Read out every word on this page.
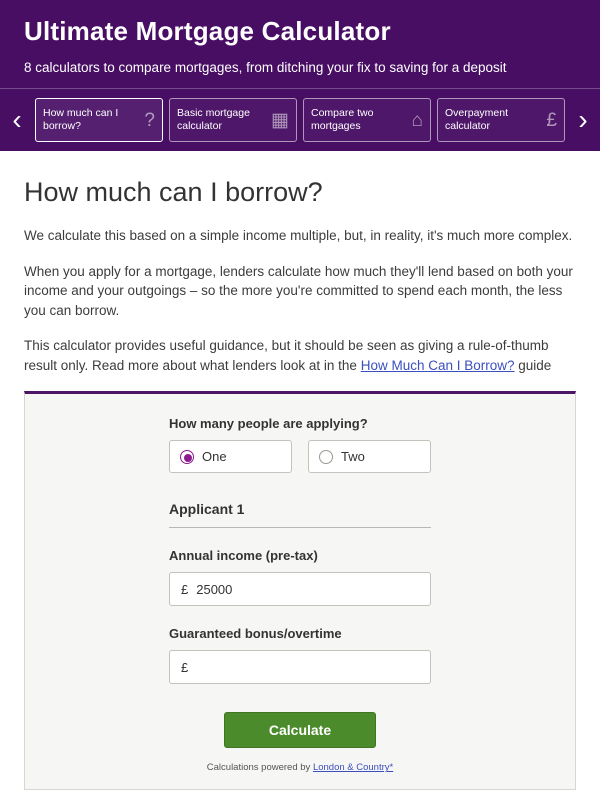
Ultimate Mortgage Calculator
8 calculators to compare mortgages, from ditching your fix to saving for a deposit
‹	How much can I borrow?	? Basic mortgage calculator	▦ Compare two mortgages	⌂ Overpayment calculator	£ ›
How much can I borrow?

We calculate this based on a simple income multiple, but, in reality, it's much more complex.

When you apply for a mortgage, lenders calculate how much they'll lend based on both your income and your outgoings – so the more you're committed to spend each month, the less you can borrow.

This calculator provides useful guidance, but it should be seen as giving a rule-of-thumb result only. Read more about what lenders look at in the How Much Can I Borrow? guide

How many people are applying?
One	Two
Applicant 1
Annual income (pre-tax)
£
25000
Guaranteed bonus/overtime
£
Calculate
Calculations powered by London & Country*
